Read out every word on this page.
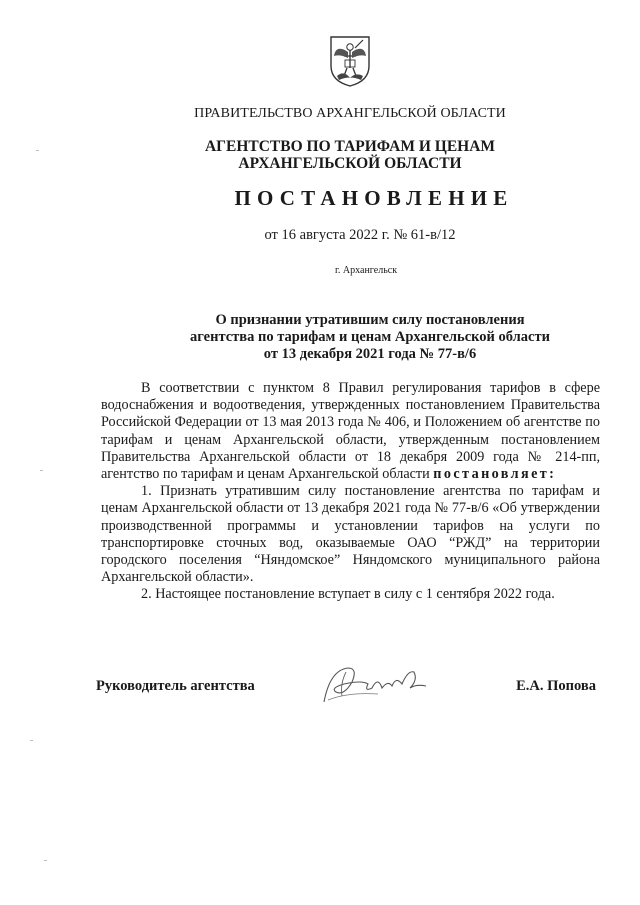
ПРАВИТЕЛЬСТВО АРХАНГЕЛЬСКОЙ ОБЛАСТИ
АГЕНТСТВО ПО ТАРИФАМ И ЦЕНАМ
АРХАНГЕЛЬСКОЙ ОБЛАСТИ
ПОСТАНОВЛЕНИЕ
от 16 августа 2022 г. № 61-в/12
г. Архангельск
О признании утратившим силу постановления
агентства по тарифам и ценам Архангельской области
от 13 декабря 2021 года № 77-в/6

В соответствии с пунктом 8 Правил регулирования тарифов в сфере водоснабжения и водоотведения, утвержденных постановлением Правительства Российской Федерации от 13 мая 2013 года № 406, и Положением об агентстве по тарифам и ценам Архангельской области, утвержденным постановлением Правительства Архангельской области от 18 декабря 2009 года № 214-пп, агентство по тарифам и ценам Архангельской области постановляет:

1. Признать утратившим силу постановление агентства по тарифам и ценам Архангельской области от 13 декабря 2021 года № 77-в/6 «Об утверждении производственной программы и установлении тарифов на услуги по транспортировке сточных вод, оказываемые ОАО “РЖД” на территории городского поселения “Няндомское” Няндомского муниципального района Архангельской области».

2. Настоящее постановление вступает в силу с 1 сентября 2022 года.

Руководитель агентства	Е.А. Попова
